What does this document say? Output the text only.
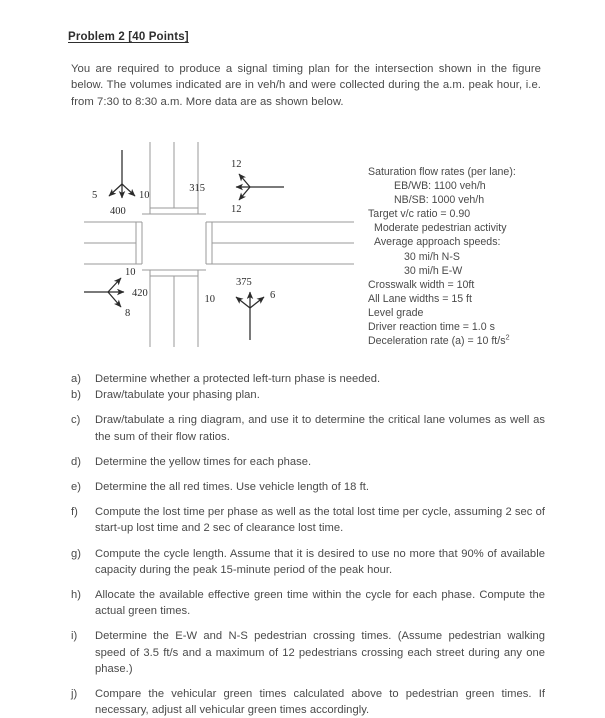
Problem 2 [40 Points]
You are required to produce a signal timing plan for the intersection shown in the figure below. The volumes indicated are in veh/h and were collected during the a.m. peak hour, i.e. from 7:30 to 8:30 a.m. More data are as shown below.
5	10
400
12
315
12
10
420
8
10
375
6
Saturation flow rates (per lane):
EB/WB: 1100 veh/h
NB/SB: 1000 veh/h
Target v/c ratio = 0.90
Moderate pedestrian activity
Average approach speeds:
30 mi/h N-S
30 mi/h E-W
Crosswalk width = 10ft
All Lane widths = 15 ft
Level grade
Driver reaction time = 1.0 s
Deceleration rate (a) = 10 $ft/s^2$
a)	Determine whether a protected left-turn phase is needed.
b)	Draw/tabulate your phasing plan.
c)	Draw/tabulate a ring diagram, and use it to determine the critical lane volumes as well as the sum of their flow ratios.
d)	Determine the yellow times for each phase.
e)	Determine the all red times. Use vehicle length of 18 ft.
f)	Compute the lost time per phase as well as the total lost time per cycle, assuming 2 sec of start-up lost time and 2 sec of clearance lost time.
g)	Compute the cycle length. Assume that it is desired to use no more that 90% of available capacity during the peak 15-minute period of the peak hour.
h)	Allocate the available effective green time within the cycle for each phase. Compute the actual green times.
i)	Determine the E-W and N-S pedestrian crossing times. (Assume pedestrian walking speed of 3.5 ft/s and a maximum of 12 pedestrians crossing each street during any one phase.)
j)	Compare the vehicular green times calculated above to pedestrian green times. If necessary, adjust all vehicular green times accordingly.
